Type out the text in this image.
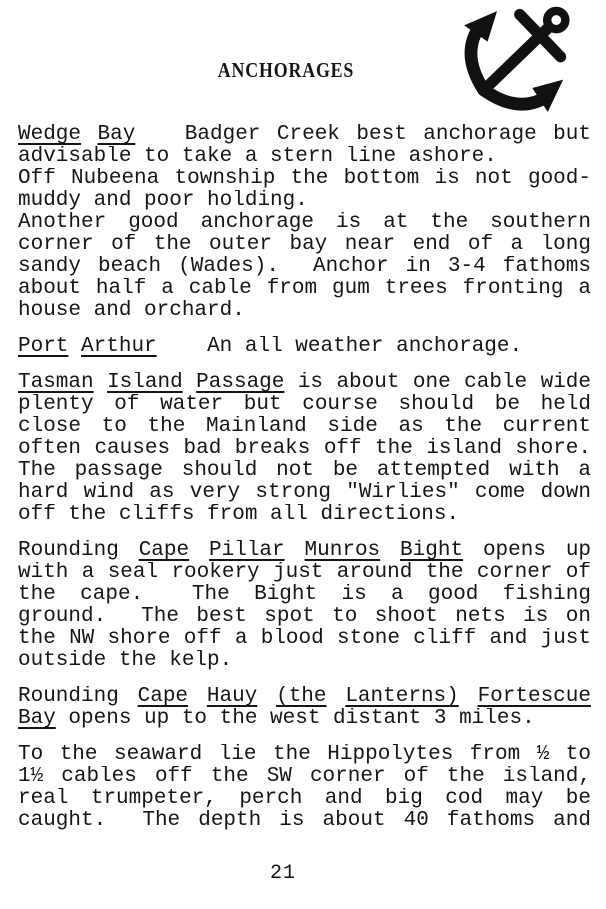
ANCHORAGES
Wedge Bay   Badger Creek best anchorage but
advisable to take a stern line ashore.
Off Nubeena township the bottom is not good-
muddy and poor holding.
Another good anchorage is at the southern
corner of the outer bay near end of a long
sandy beach (Wades).  Anchor in 3-4 fathoms
about half a cable from gum trees fronting a
house and orchard.
Port Arthur    An all weather anchorage.
Tasman Island Passage is about one cable wide
plenty of water but course should be held
close to the Mainland side as the current
often causes bad breaks off the island shore.
The passage should not be attempted with a
hard wind as very strong "Wirlies" come down
off the cliffs from all directions.
Rounding Cape Pillar Munros Bight opens up
with a seal rookery just around the corner of
the cape.  The Bight is a good fishing
ground.  The best spot to shoot nets is on
the NW shore off a blood stone cliff and just
outside the kelp.
Rounding Cape Hauy (the Lanterns) Fortescue
Bay opens up to the west distant 3 miles.
To the seaward lie the Hippolytes from ½ to
1½ cables off the SW corner of the island,
real trumpeter, perch and big cod may be
caught.  The depth is about 40 fathoms and
21
